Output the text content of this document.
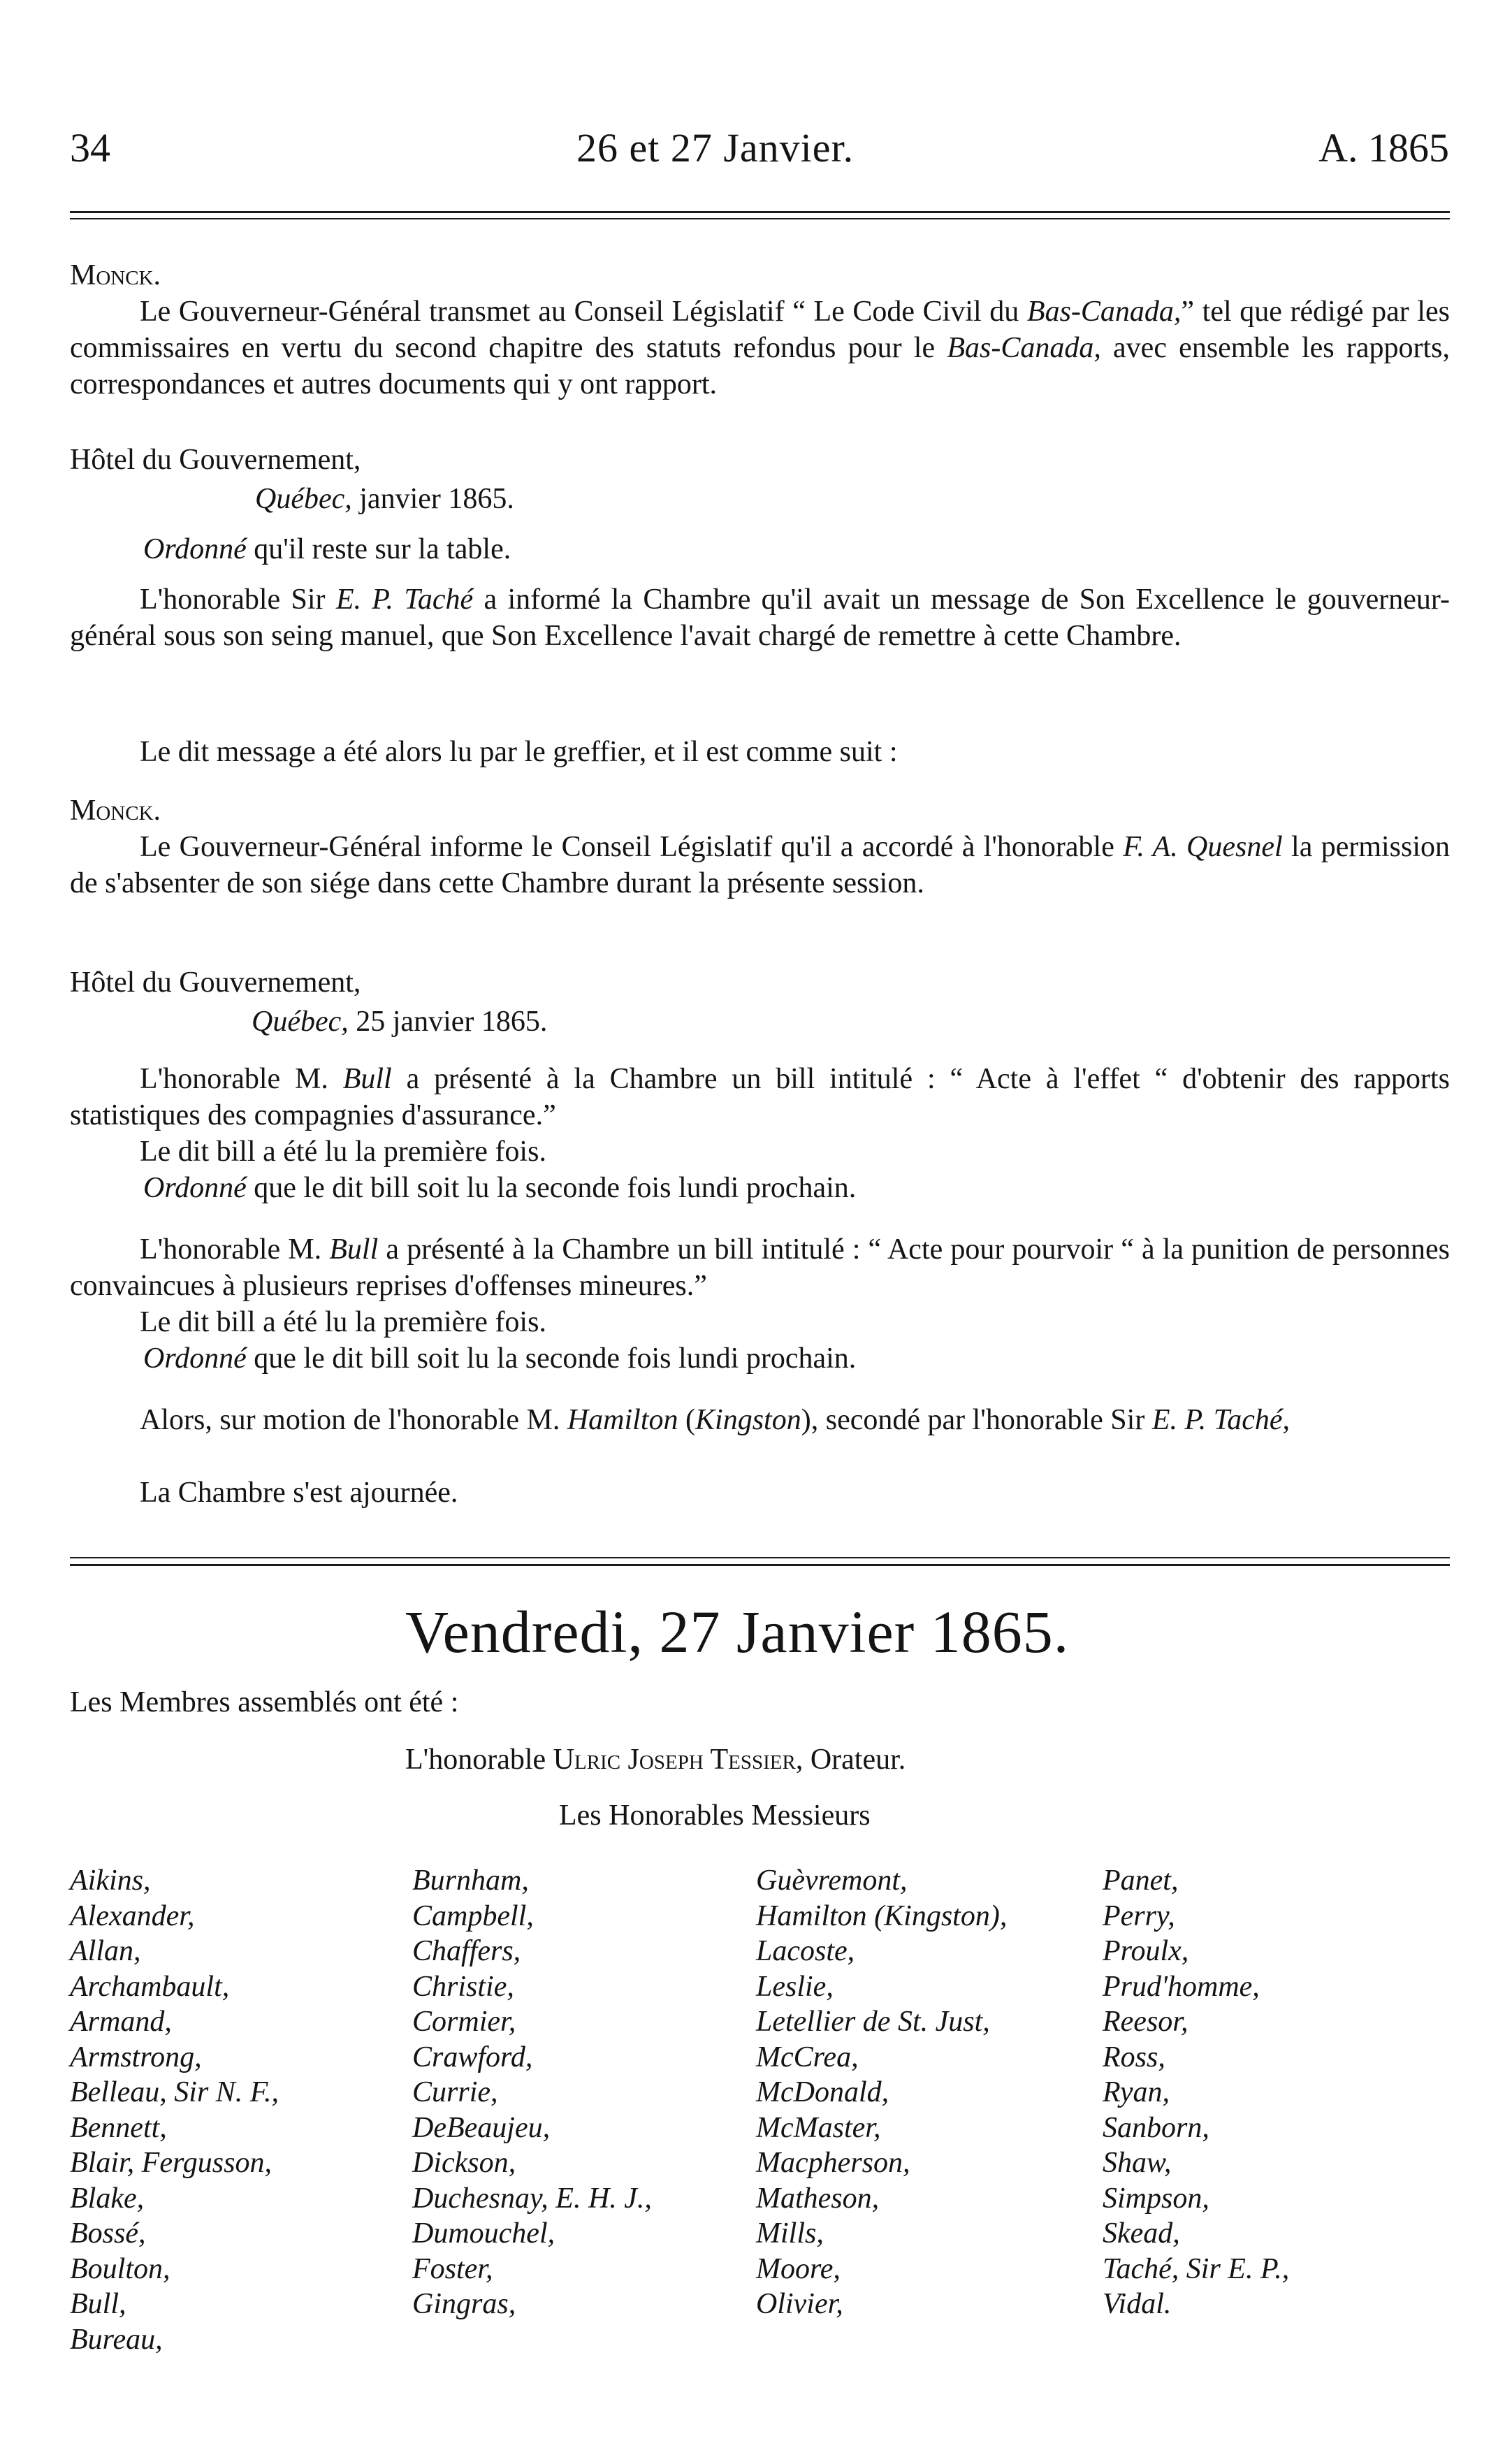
34	26 et 27 Janvier.	A. 1865
Monck.
Le Gouverneur-Général transmet au Conseil Législatif “ Le Code Civil du Bas-Canada,” tel que rédigé par les commissaires en vertu du second chapitre des statuts refondus pour le Bas-Canada, avec ensemble les rapports, correspondances et autres documents qui y ont rapport.
Hôtel du Gouvernement,
Québec, janvier 1865.
Ordonné qu'il reste sur la table.
L'honorable Sir E. P. Taché a informé la Chambre qu'il avait un message de Son Excellence le gouverneur-général sous son seing manuel, que Son Excellence l'avait chargé de remettre à cette Chambre.
Le dit message a été alors lu par le greffier, et il est comme suit :
Monck.
Le Gouverneur-Général informe le Conseil Législatif qu'il a accordé à l'honorable F. A. Quesnel la permission de s'absenter de son siége dans cette Chambre durant la présente session.
Hôtel du Gouvernement,
Québec, 25 janvier 1865.
L'honorable M. Bull a présenté à la Chambre un bill intitulé : “ Acte à l'effet “ d'obtenir des rapports statistiques des compagnies d'assurance.”
Le dit bill a été lu la première fois.
Ordonné que le dit bill soit lu la seconde fois lundi prochain.
L'honorable M. Bull a présenté à la Chambre un bill intitulé : “ Acte pour pourvoir “ à la punition de personnes convaincues à plusieurs reprises d'offenses mineures.”
Le dit bill a été lu la première fois.
Ordonné que le dit bill soit lu la seconde fois lundi prochain.
Alors, sur motion de l'honorable M. Hamilton (Kingston), secondé par l'honorable Sir E. P. Taché,
La Chambre s'est ajournée.
Vendredi, 27 Janvier 1865.
Les Membres assemblés ont été :
L'honorable Ulric Joseph Tessier, Orateur.
Les Honorables Messieurs
Aikins,
Alexander,
Allan,
Archambault,
Armand,
Armstrong,
Belleau, Sir N. F.,
Bennett,
Blair, Fergusson,
Blake,
Bossé,
Boulton,
Bull,
Bureau,
Burnham,
Campbell,
Chaffers,
Christie,
Cormier,
Crawford,
Currie,
DeBeaujeu,
Dickson,
Duchesnay, E. H. J.,
Dumouchel,
Foster,
Gingras,
Guèvremont,
Hamilton (Kingston),
Lacoste,
Leslie,
Letellier de St. Just,
McCrea,
McDonald,
McMaster,
Macpherson,
Matheson,
Mills,
Moore,
Olivier,
Panet,
Perry,
Proulx,
Prud'homme,
Reesor,
Ross,
Ryan,
Sanborn,
Shaw,
Simpson,
Skead,
Taché, Sir E. P.,
Vidal.
